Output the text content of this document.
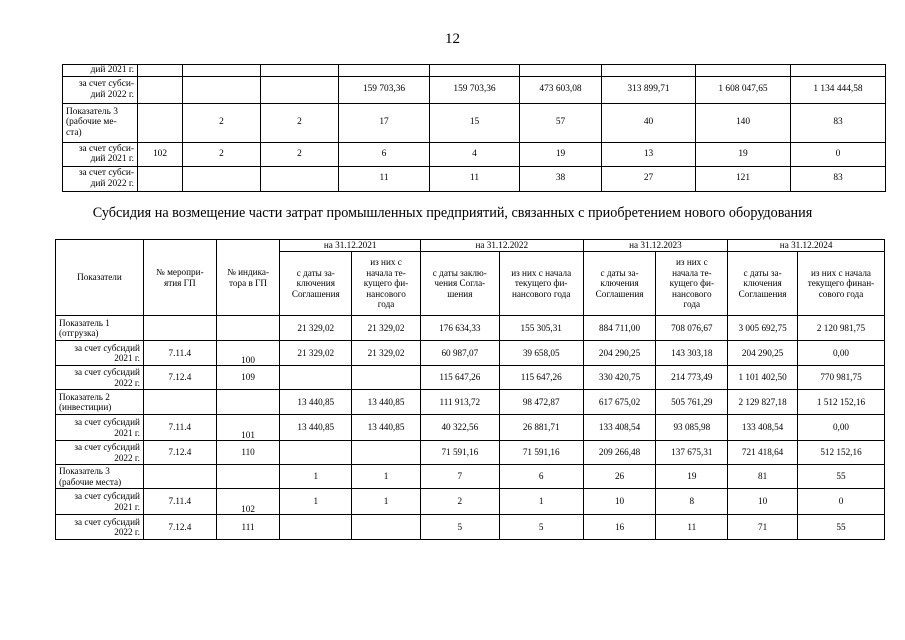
12
дий 2021 г.									
за счет субси-
дий 2022 г.				159 703,36	159 703,36	473 603,08	313 899,71	1 608 047,65	1 134 444,58
Показатель 3
(рабочие ме-
ста)		2	2	17	15	57	40	140	83
за счет субси-
дий 2021 г.	102	2	2	6	4	19	13	19	0
за счет субси-
дий 2022 г.				11	11	38	27	121	83
Субсидия на возмещение части затрат промышленных предприятий, связанных с приобретением нового оборудования
Показатели	№ меропри-
ятия ГП	№ индика-
тора в ГП	на 31.12.2021		на 31.12.2022		на 31.12.2023		на 31.12.2024	
			с даты за-
ключения
Соглашения	из них с
начала те-
кущего фи-
нансового
года	с даты заклю-
чения Согла-
шения	из них с начала
текущего фи-
нансового года	с даты за-
ключения
Соглашения	из них с
начала те-
кущего фи-
нансового
года	с даты за-
ключения
Соглашения	из них с начала
текущего финан-
сового года
Показатель 1
(отгрузка)			21 329,02	21 329,02	176 634,33	155 305,31	884 711,00	708 076,67	3 005 692,75	2 120 981,75
за счет субсидий
2021 г.	7.11.4	100	21 329,02	21 329,02	60 987,07	39 658,05	204 290,25	143 303,18	204 290,25	0,00
за счет субсидий
2022 г.	7.12.4	109			115 647,26	115 647,26	330 420,75	214 773,49	1 101 402,50	770 981,75
Показатель 2
(инвестиции)			13 440,85	13 440,85	111 913,72	98 472,87	617 675,02	505 761,29	2 129 827,18	1 512 152,16
за счет субсидий
2021 г.	7.11.4	101	13 440,85	13 440,85	40 322,56	26 881,71	133 408,54	93 085,98	133 408,54	0,00
за счет субсидий
2022 г.	7.12.4	110			71 591,16	71 591,16	209 266,48	137 675,31	721 418,64	512 152,16
Показатель 3
(рабочие места)			1	1	7	6	26	19	81	55
за счет субсидий
2021 г.	7.11.4	102	1	1	2	1	10	8	10	0
за счет субсидий
2022 г.	7.12.4	111			5	5	16	11	71	55
